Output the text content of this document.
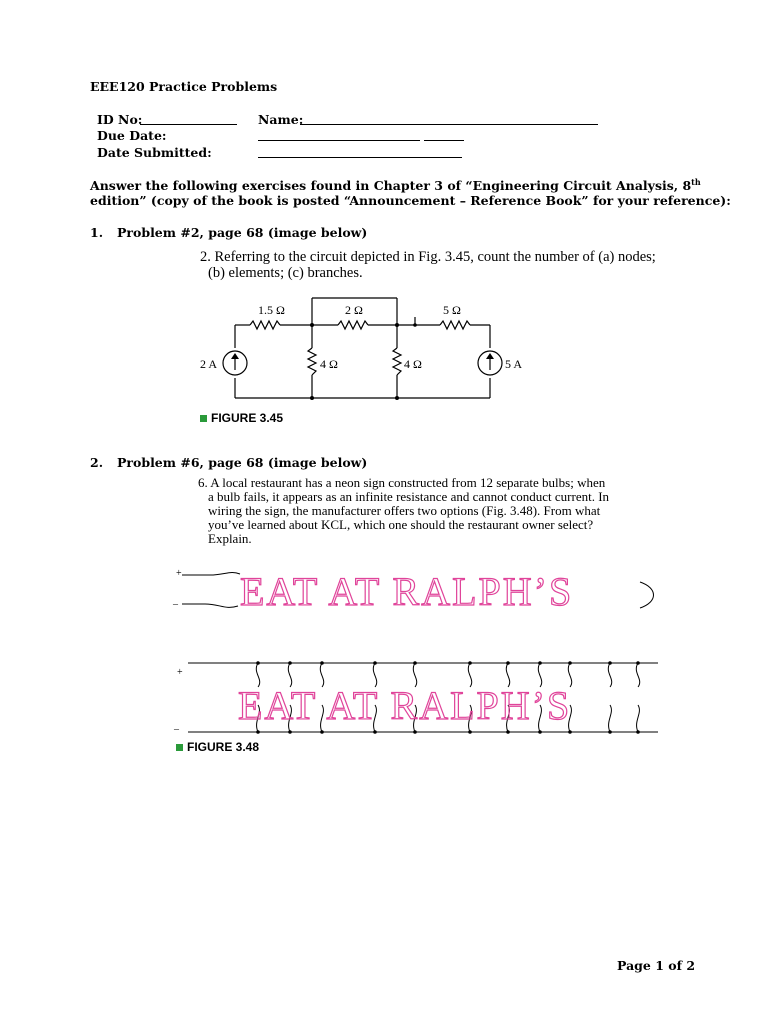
EEE120 Practice Problems
ID No:	Name:
Due Date:
Date Submitted:
Answer the following exercises found in Chapter 3 of “Engineering Circuit Analysis, 8th
edition” (copy of the book is posted “Announcement – Reference Book” for your reference):
1. Problem #2, page 68 (image below)
2. Referring to the circuit depicted in Fig. 3.45, count the number of (a) nodes;
(b) elements; (c) branches.
1.5 Ω	2 Ω	5 Ω
4 Ω	4 Ω
2 A	5 A
FIGURE 3.45
2. Problem #6, page 68 (image below)
6. A local restaurant has a neon sign constructed from 12 separate bulbs; when
a bulb fails, it appears as an infinite resistance and cannot conduct current. In
wiring the sign, the manufacturer offers two options (Fig. 3.48). From what
you’ve learned about KCL, which one should the restaurant owner select?
Explain.
+
– EAT AT RALPH’S
+
–
EAT AT RALPH’S
FIGURE 3.48
Page 1 of 2
